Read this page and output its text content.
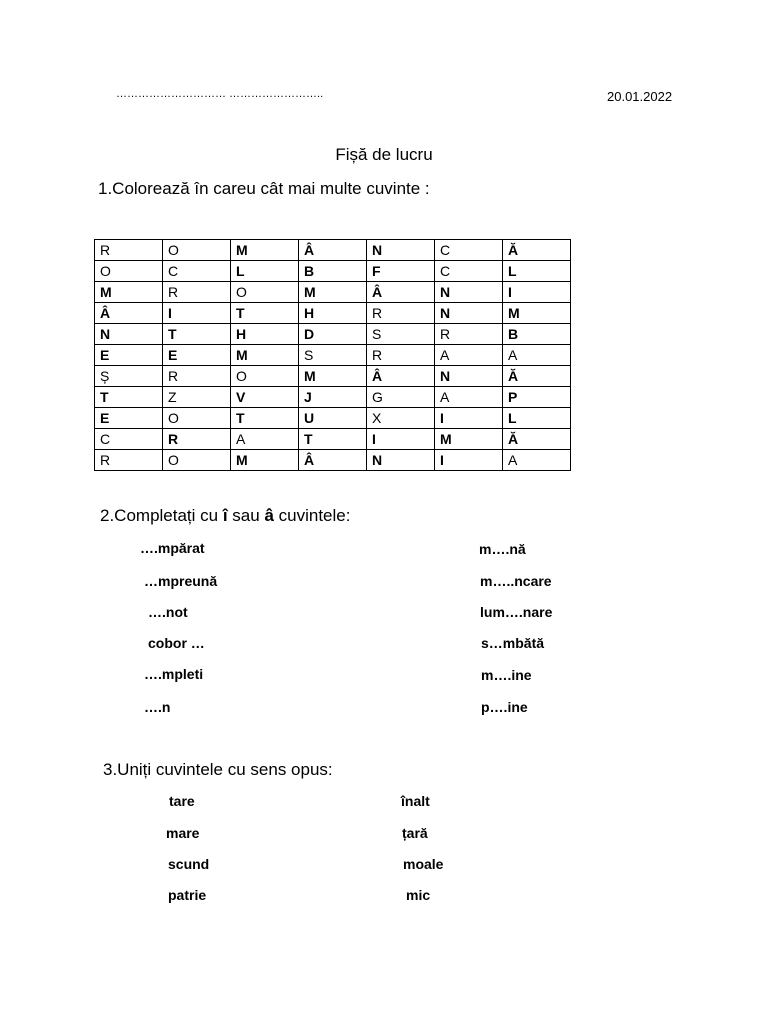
………………………… ……………………..	20.01.2022
Fișă de lucru
1.Colorează în careu cât mai multe cuvinte :
R	O	M	Â	N	C	Ă
O	C	L	B	F	C	L
M	R	O	M	Â	N	I
Â	I	T	H	R	N	M
N	T	H	D	S	R	B
E	E	M	S	R	A	A
Ș	R	O	M	Â	N	Ă
T	Z	V	J	G	A	P
E	O	T	U	X	I	L
C	R	A	T	I	M	Ă
R	O	M	Â	N	I	A
2.Completați cu î sau â cuvintele:
….mpărat
…mpreună
….not
cobor …
….mpleti
….n
m….nă
m…..ncare
lum….nare
s…mbătă
m….ine
p….ine
3.Uniți cuvintele cu sens opus:
tare
mare
scund
patrie
înalt
țară
moale
mic
